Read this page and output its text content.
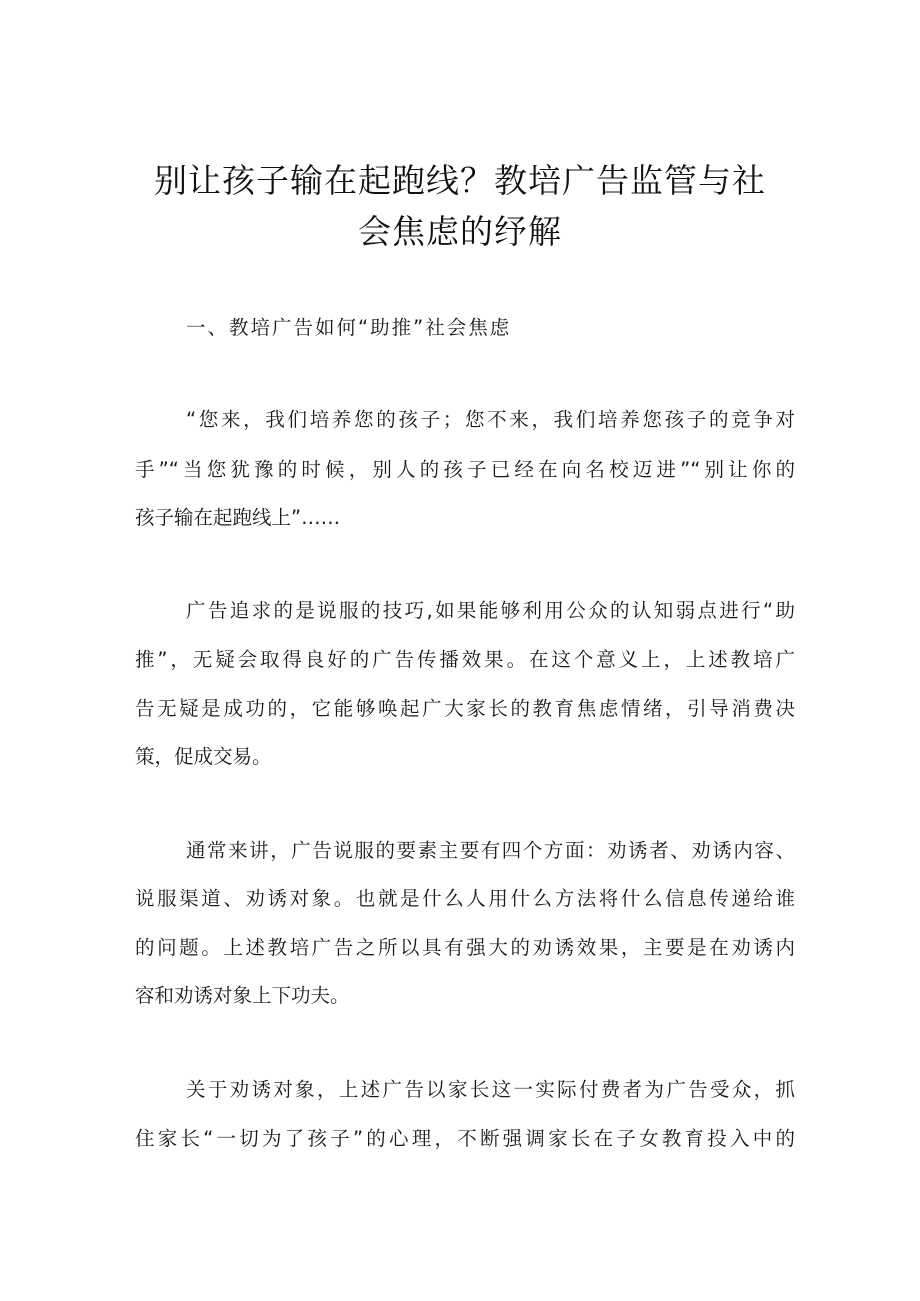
别让孩子输在起跑线？教培广告监管与社
会焦虑的纾解
一、教培广告如何“助推”社会焦虑
“您来，我们培养您的孩子；您不来，我们培养您孩子的竞争对
手”“当您犹豫的时候，别人的孩子已经在向名校迈进”“别让你的
孩子输在起跑线上”……
广告追求的是说服的技巧,如果能够利用公众的认知弱点进行“助
推”，无疑会取得良好的广告传播效果。在这个意义上，上述教培广
告无疑是成功的，它能够唤起广大家长的教育焦虑情绪，引导消费决
策，促成交易。
通常来讲，广告说服的要素主要有四个方面：劝诱者、劝诱内容、
说服渠道、劝诱对象。也就是什么人用什么方法将什么信息传递给谁
的问题。上述教培广告之所以具有强大的劝诱效果，主要是在劝诱内
容和劝诱对象上下功夫。
关于劝诱对象，上述广告以家长这一实际付费者为广告受众，抓
住家长“一切为了孩子”的心理，不断强调家长在子女教育投入中的
